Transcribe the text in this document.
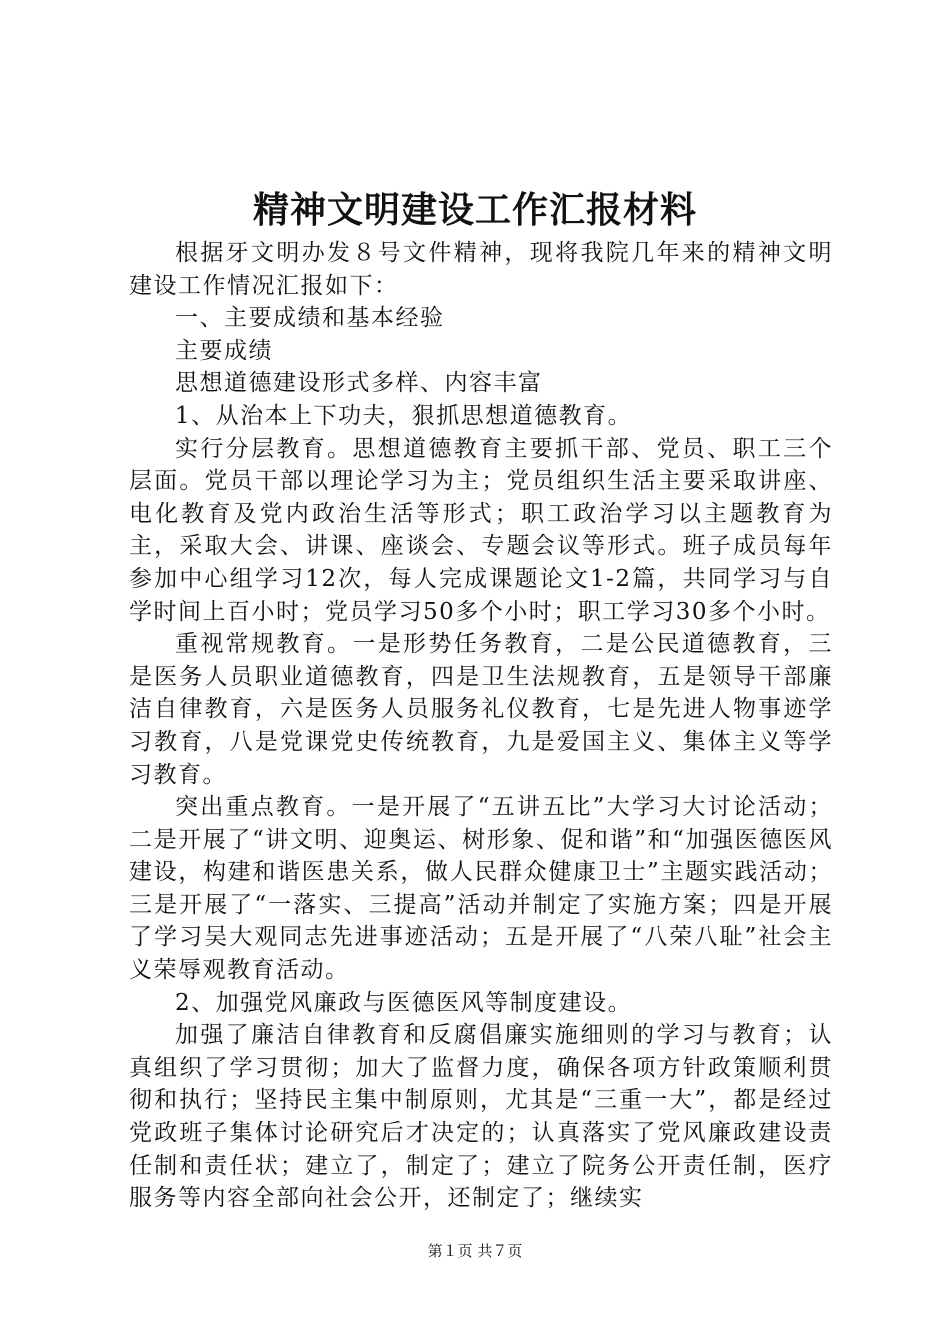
精神文明建设工作汇报材料

根据牙文明办发８号文件精神，现将我院几年来的精神文明建设工作情况汇报如下：

一、主要成绩和基本经验

主要成绩

思想道德建设形式多样、内容丰富

1、从治本上下功夫，狠抓思想道德教育。

实行分层教育。思想道德教育主要抓干部、党员、职工三个层面。党员干部以理论学习为主；党员组织生活主要采取讲座、电化教育及党内政治生活等形式；职工政治学习以主题教育为主，采取大会、讲课、座谈会、专题会议等形式。班子成员每年参加中心组学习12次，每人完成课题论文1-2篇，共同学习与自学时间上百小时；党员学习50多个小时；职工学习30多个小时。

重视常规教育。一是形势任务教育，二是公民道德教育，三是医务人员职业道德教育，四是卫生法规教育，五是领导干部廉洁自律教育，六是医务人员服务礼仪教育，七是先进人物事迹学习教育，八是党课党史传统教育，九是爱国主义、集体主义等学习教育。

突出重点教育。一是开展了“五讲五比”大学习大讨论活动；二是开展了“讲文明、迎奥运、树形象、促和谐”和“加强医德医风建设，构建和谐医患关系，做人民群众健康卫士”主题实践活动；三是开展了“一落实、三提高”活动并制定了实施方案；四是开展了学习吴大观同志先进事迹活动；五是开展了“八荣八耻”社会主义荣辱观教育活动。

2、加强党风廉政与医德医风等制度建设。

加强了廉洁自律教育和反腐倡廉实施细则的学习与教育；认真组织了学习贯彻；加大了监督力度，确保各项方针政策顺利贯彻和执行；坚持民主集中制原则，尤其是“三重一大”，都是经过党政班子集体讨论研究后才决定的；认真落实了党风廉政建设责任制和责任状；建立了，制定了；建立了院务公开责任制，医疗服务等内容全部向社会公开，还制定了；继续实

第１页 共７页
